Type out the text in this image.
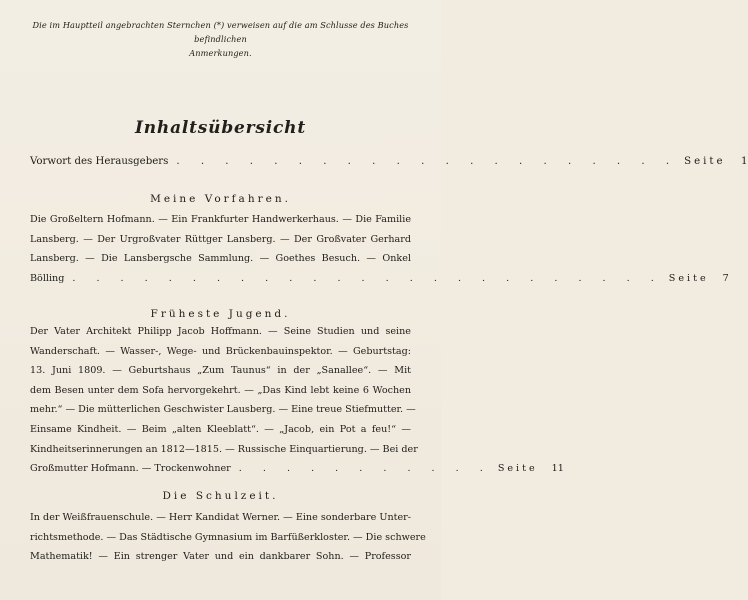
Die im Hauptteil angebrachten Sternchen (*) verweisen auf die am Schlusse des Buches befindlichen
Anmerkungen.
Inhaltsübersicht
Vorwort des Herausgebers . . . . . . . . . . . . . . . . . . . . . Seite 1
Meine Vorfahren.
Die Großeltern Hofmann. — Ein Frankfurter Handwerkerhaus. — Die Familie
Lansberg. — Der Urgroßvater Rüttger Lansberg. — Der Großvater Gerhard
Lansberg. — Die Lansbergsche Sammlung. — Goethes Besuch. — Onkel
Bölling . . . . . . . . . . . . . . . . . . . . . . . . . Seite 7
Früheste Jugend.
Der Vater Architekt Philipp Jacob Hoffmann. — Seine Studien und seine
Wanderschaft. — Wasser-, Wege- und Brückenbauinspektor. — Geburtstag:
13. Juni 1809. — Geburtshaus „Zum Taunus“ in der „Sanallee“. — Mit
dem Besen unter dem Sofa hervorgekehrt. — „Das Kind lebt keine 6 Wochen
mehr.“ — Die mütterlichen Geschwister Lausberg. — Eine treue Stiefmutter. —
Einsame Kindheit. — Beim „alten Kleeblatt“. — „Jacob, ein Pot a feu!“ —
Kindheitserinnerungen an 1812—1815. — Russische Einquartierung. — Bei der
Großmutter Hofmann. — Trockenwohner . . . . . . . . . . . Seite 11
Die Schulzeit.
In der Weißfrauenschule. — Herr Kandidat Werner. — Eine sonderbare Unter-
richtsmethode. — Das Städtische Gymnasium im Barfüßerkloster. — Die schwere
Mathematik! — Ein strenger Vater und ein dankbarer Sohn. — Professor
